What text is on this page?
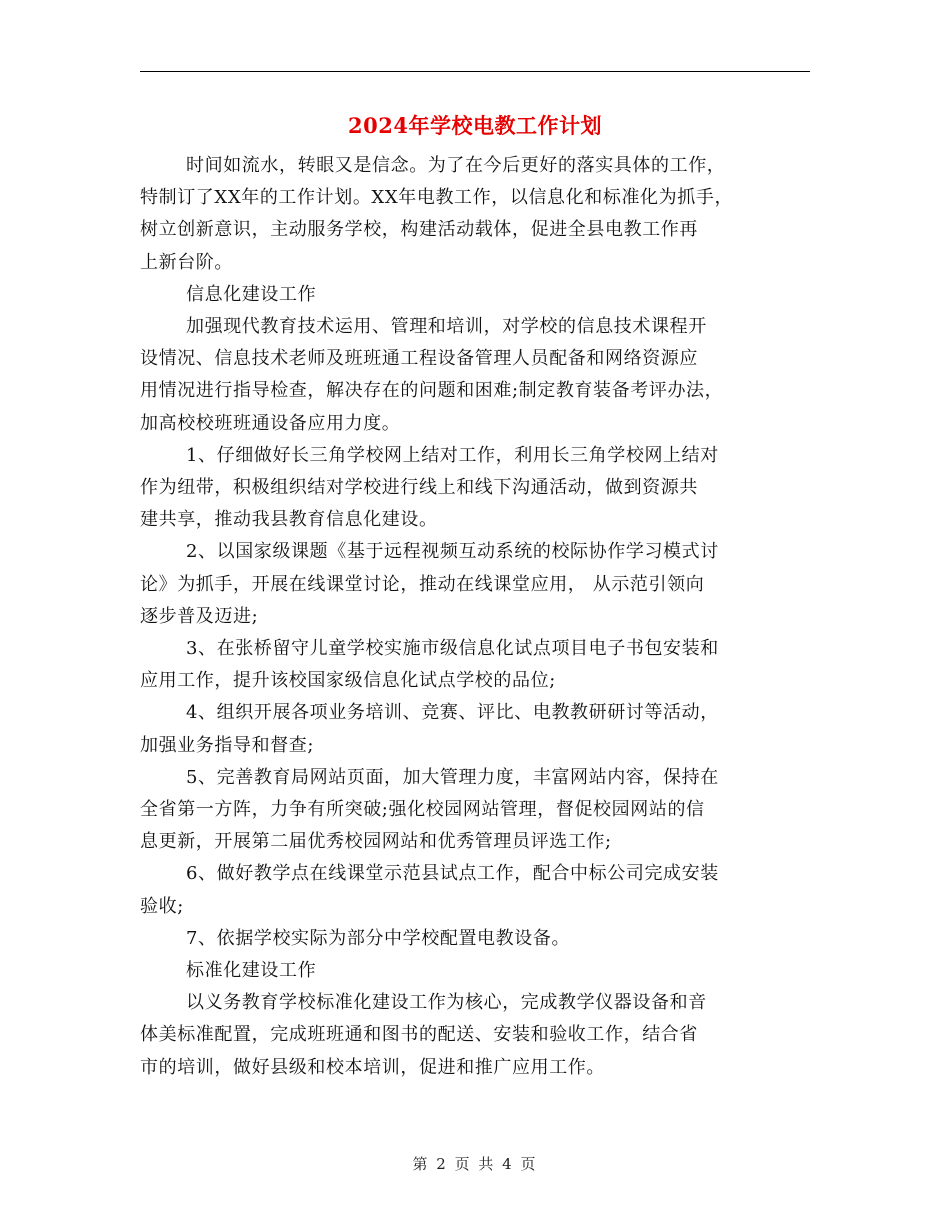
2024年学校电教工作计划
时间如流水，转眼又是信念。为了在今后更好的落实具体的工作，
特制订了XX年的工作计划。XX年电教工作，以信息化和标准化为抓手，
树立创新意识，主动服务学校，构建活动载体，促进全县电教工作再
上新台阶。
信息化建设工作
加强现代教育技术运用、管理和培训，对学校的信息技术课程开
设情况、信息技术老师及班班通工程设备管理人员配备和网络资源应
用情况进行指导检查，解决存在的问题和困难;制定教育装备考评办法，
加高校校班班通设备应用力度。
1、仔细做好长三角学校网上结对工作，利用长三角学校网上结对
作为纽带，积极组织结对学校进行线上和线下沟通活动，做到资源共
建共享，推动我县教育信息化建设。
2、以国家级课题《基于远程视频互动系统的校际协作学习模式讨
论》为抓手，开展在线课堂讨论，推动在线课堂应用， 从示范引领向
逐步普及迈进;
3、在张桥留守儿童学校实施市级信息化试点项目电子书包安装和
应用工作，提升该校国家级信息化试点学校的品位;
4、组织开展各项业务培训、竞赛、评比、电教教研研讨等活动，
加强业务指导和督查;
5、完善教育局网站页面，加大管理力度，丰富网站内容，保持在
全省第一方阵，力争有所突破;强化校园网站管理，督促校园网站的信
息更新，开展第二届优秀校园网站和优秀管理员评选工作;
6、做好教学点在线课堂示范县试点工作，配合中标公司完成安装
验收;
7、依据学校实际为部分中学校配置电教设备。
标准化建设工作
以义务教育学校标准化建设工作为核心，完成教学仪器设备和音
体美标准配置，完成班班通和图书的配送、安装和验收工作，结合省
市的培训，做好县级和校本培训，促进和推广应用工作。
第 2 页 共 4 页
